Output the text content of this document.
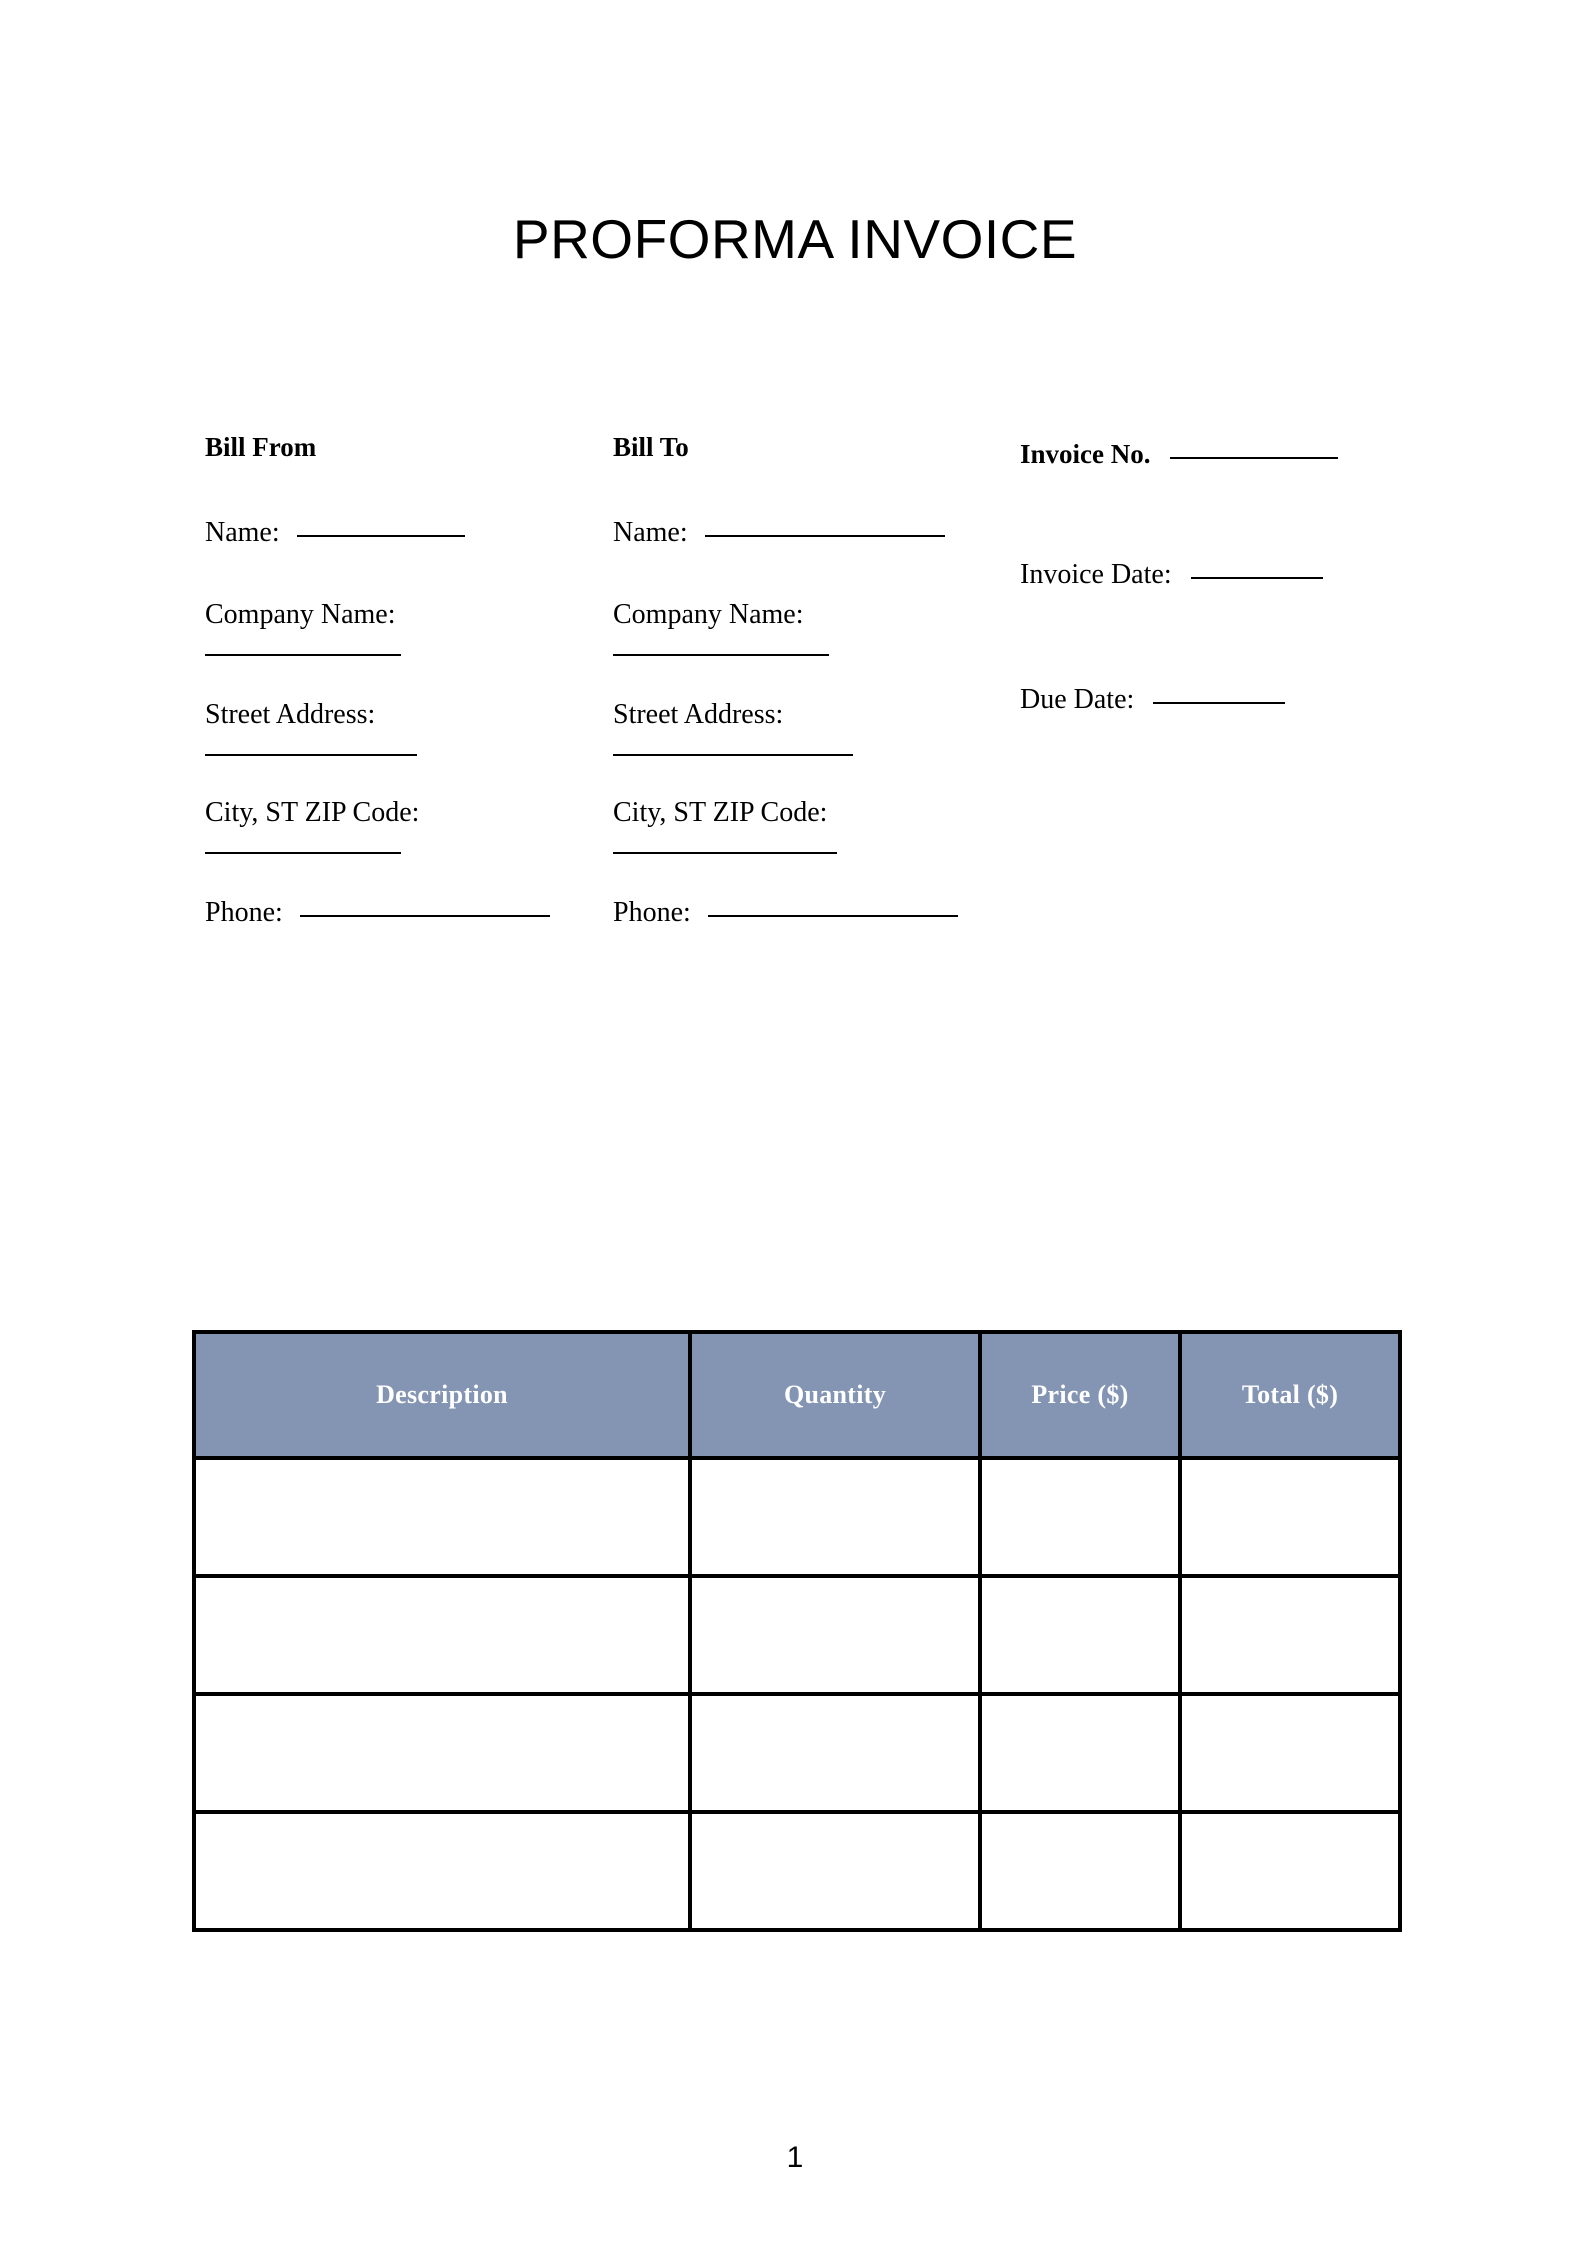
PROFORMA INVOICE
Bill From
Name:
Company Name:
Street Address:
City, ST ZIP Code:
Phone:
Bill To
Name:
Company Name:
Street Address:
City, ST ZIP Code:
Phone:
Invoice No.
Invoice Date:
Due Date:
Description	Quantity	Price ($)	Total ($)

1
